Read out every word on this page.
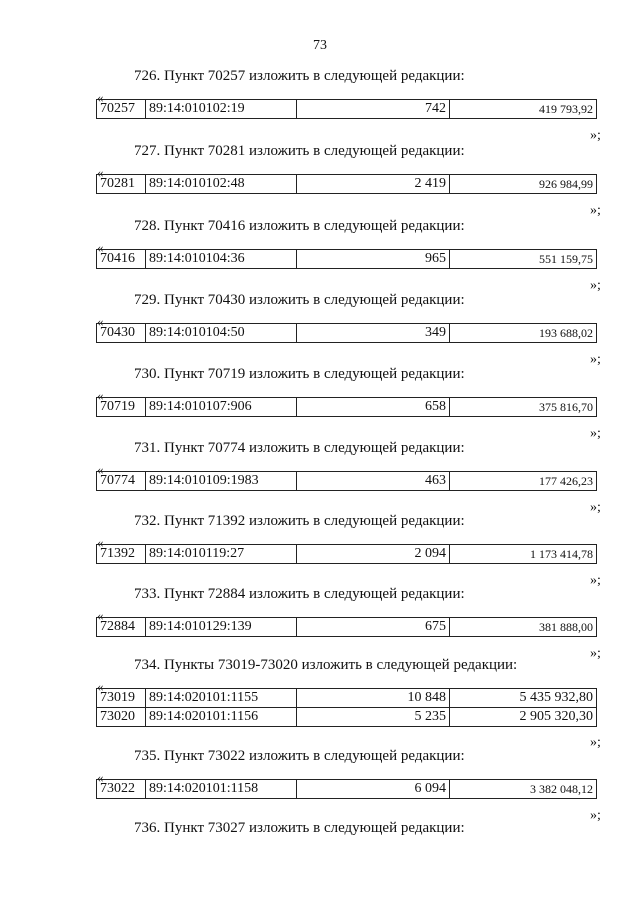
73
726. Пункт 70257 изложить в следующей редакции:
«
70257	89:14:010102:19	742	419 793,92
»;
727. Пункт 70281 изложить в следующей редакции:
«
70281	89:14:010102:48	2 419	926 984,99
»;
728. Пункт 70416 изложить в следующей редакции:
«
70416	89:14:010104:36	965	551 159,75
»;
729. Пункт 70430 изложить в следующей редакции:
«
70430	89:14:010104:50	349	193 688,02
»;
730. Пункт 70719 изложить в следующей редакции:
«
70719	89:14:010107:906	658	375 816,70
»;
731. Пункт 70774 изложить в следующей редакции:
«
70774	89:14:010109:1983	463	177 426,23
»;
732. Пункт 71392 изложить в следующей редакции:
«
71392	89:14:010119:27	2 094	1 173 414,78
»;
733. Пункт 72884 изложить в следующей редакции:
«
72884	89:14:010129:139	675	381 888,00
»;
734. Пункты 73019-73020 изложить в следующей редакции:
«
73019	89:14:020101:1155	10 848	5 435 932,80
73020	89:14:020101:1156	5 235	2 905 320,30
»;
735. Пункт 73022 изложить в следующей редакции:
«
73022	89:14:020101:1158	6 094	3 382 048,12
»;
736. Пункт 73027 изложить в следующей редакции:
